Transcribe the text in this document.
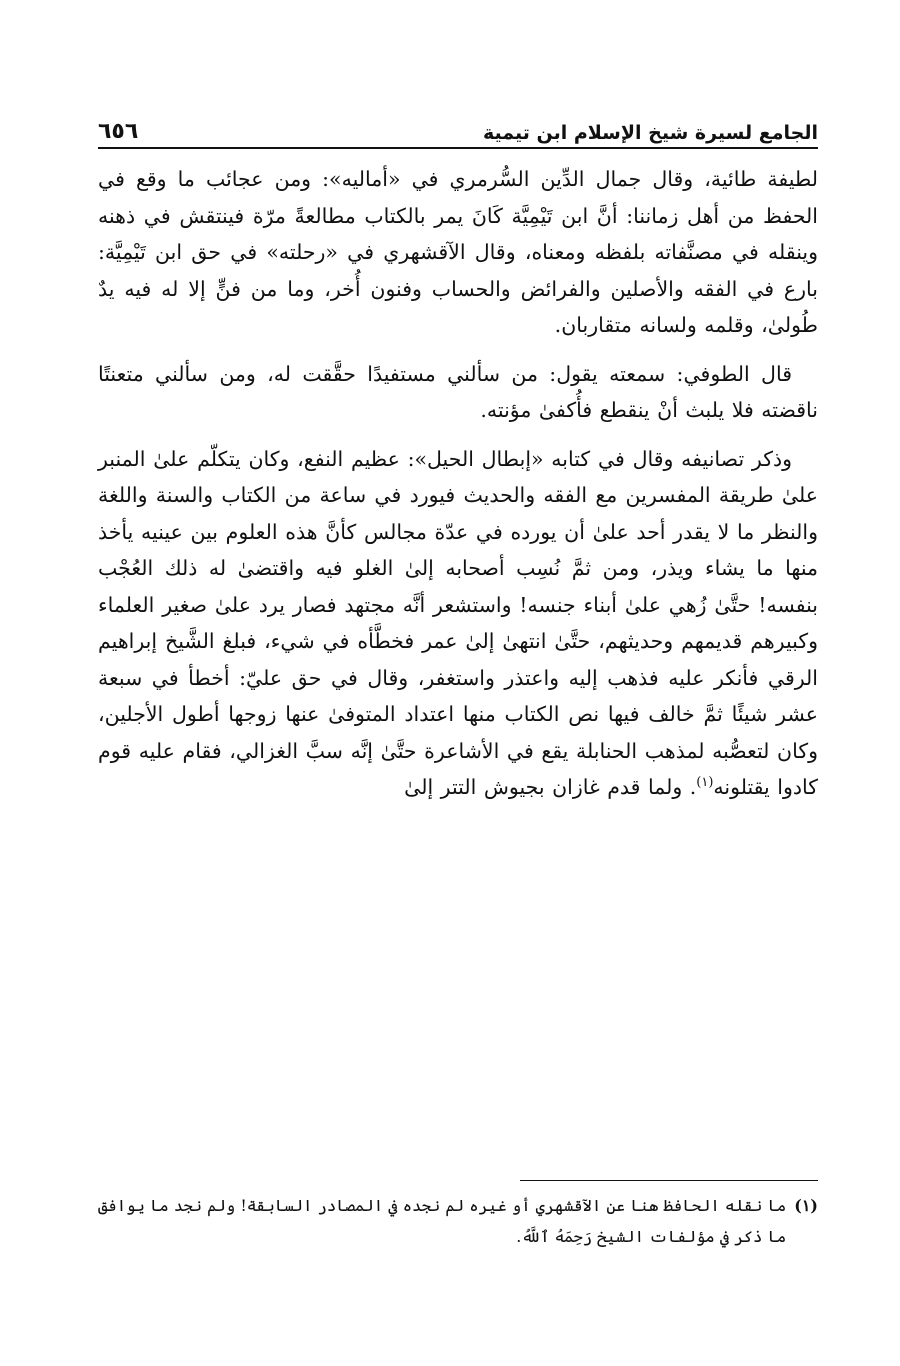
الجامع لسيرة شيخ الإسلام ابن تيمية
٦٥٦

لطيفة طائية، وقال جمال الدِّين السُّرمري في «أماليه»: ومن عجائب ما وقع في الحفظ من أهل زماننا: أنَّ ابن تَيْمِيَّة كَانَ يمر بالكتاب مطالعةً مرّة فينتقش في ذهنه وينقله في مصنَّفاته بلفظه ومعناه، وقال الآقشهري في «رحلته» في حق ابن تَيْمِيَّة: بارع في الفقه والأصلين والفرائض والحساب وفنون أُخر، وما من فنٍّ إلا له فيه يدٌ طُولىٰ، وقلمه ولسانه متقاربان.

قال الطوفي: سمعته يقول: من سألني مستفيدًا حقَّقت له، ومن سألني متعنتًا ناقضته فلا يلبث أنْ ينقطع فأُكفىٰ مؤنته.

وذكر تصانيفه وقال في كتابه «إبطال الحيل»: عظيم النفع، وكان يتكلّم علىٰ المنبر علىٰ طريقة المفسرين مع الفقه والحديث فيورد في ساعة من الكتاب والسنة واللغة والنظر ما لا يقدر أحد علىٰ أن يورده في عدّة مجالس كأنَّ هذه العلوم بين عينيه يأخذ منها ما يشاء ويذر، ومن ثمَّ نُسِب أصحابه إلىٰ الغلو فيه واقتضىٰ له ذلك العُجْب بنفسه! حتَّىٰ زُهي علىٰ أبناء جنسه! واستشعر أنَّه مجتهد فصار يرد علىٰ صغير العلماء وكبيرهم قديمهم وحديثهم، حتَّىٰ انتهىٰ إلىٰ عمر فخطَّأه في شيء، فبلغ الشَّيخ إبراهيم الرقي فأنكر عليه فذهب إليه واعتذر واستغفر، وقال في حق عليّ: أخطأ في سبعة عشر شيئًا ثمَّ خالف فيها نص الكتاب منها اعتداد المتوفىٰ عنها زوجها أطول الأجلين، وكان لتعصُّبه لمذهب الحنابلة يقع في الأشاعرة حتَّىٰ إنَّه سبَّ الغزالي، فقام عليه قوم كادوا يقتلونه$^{(١)}$. ولما قدم غازان بجيوش التتر إلىٰ

(١)
ما نقله الحافظ هنا عن الآقشهري أو غيره لم نجده في المصادر السابقة! ولم نجد ما يوافق ما ذكر في مؤلفات الشيخ رَحِمَهُ ٱللَّهُ.
